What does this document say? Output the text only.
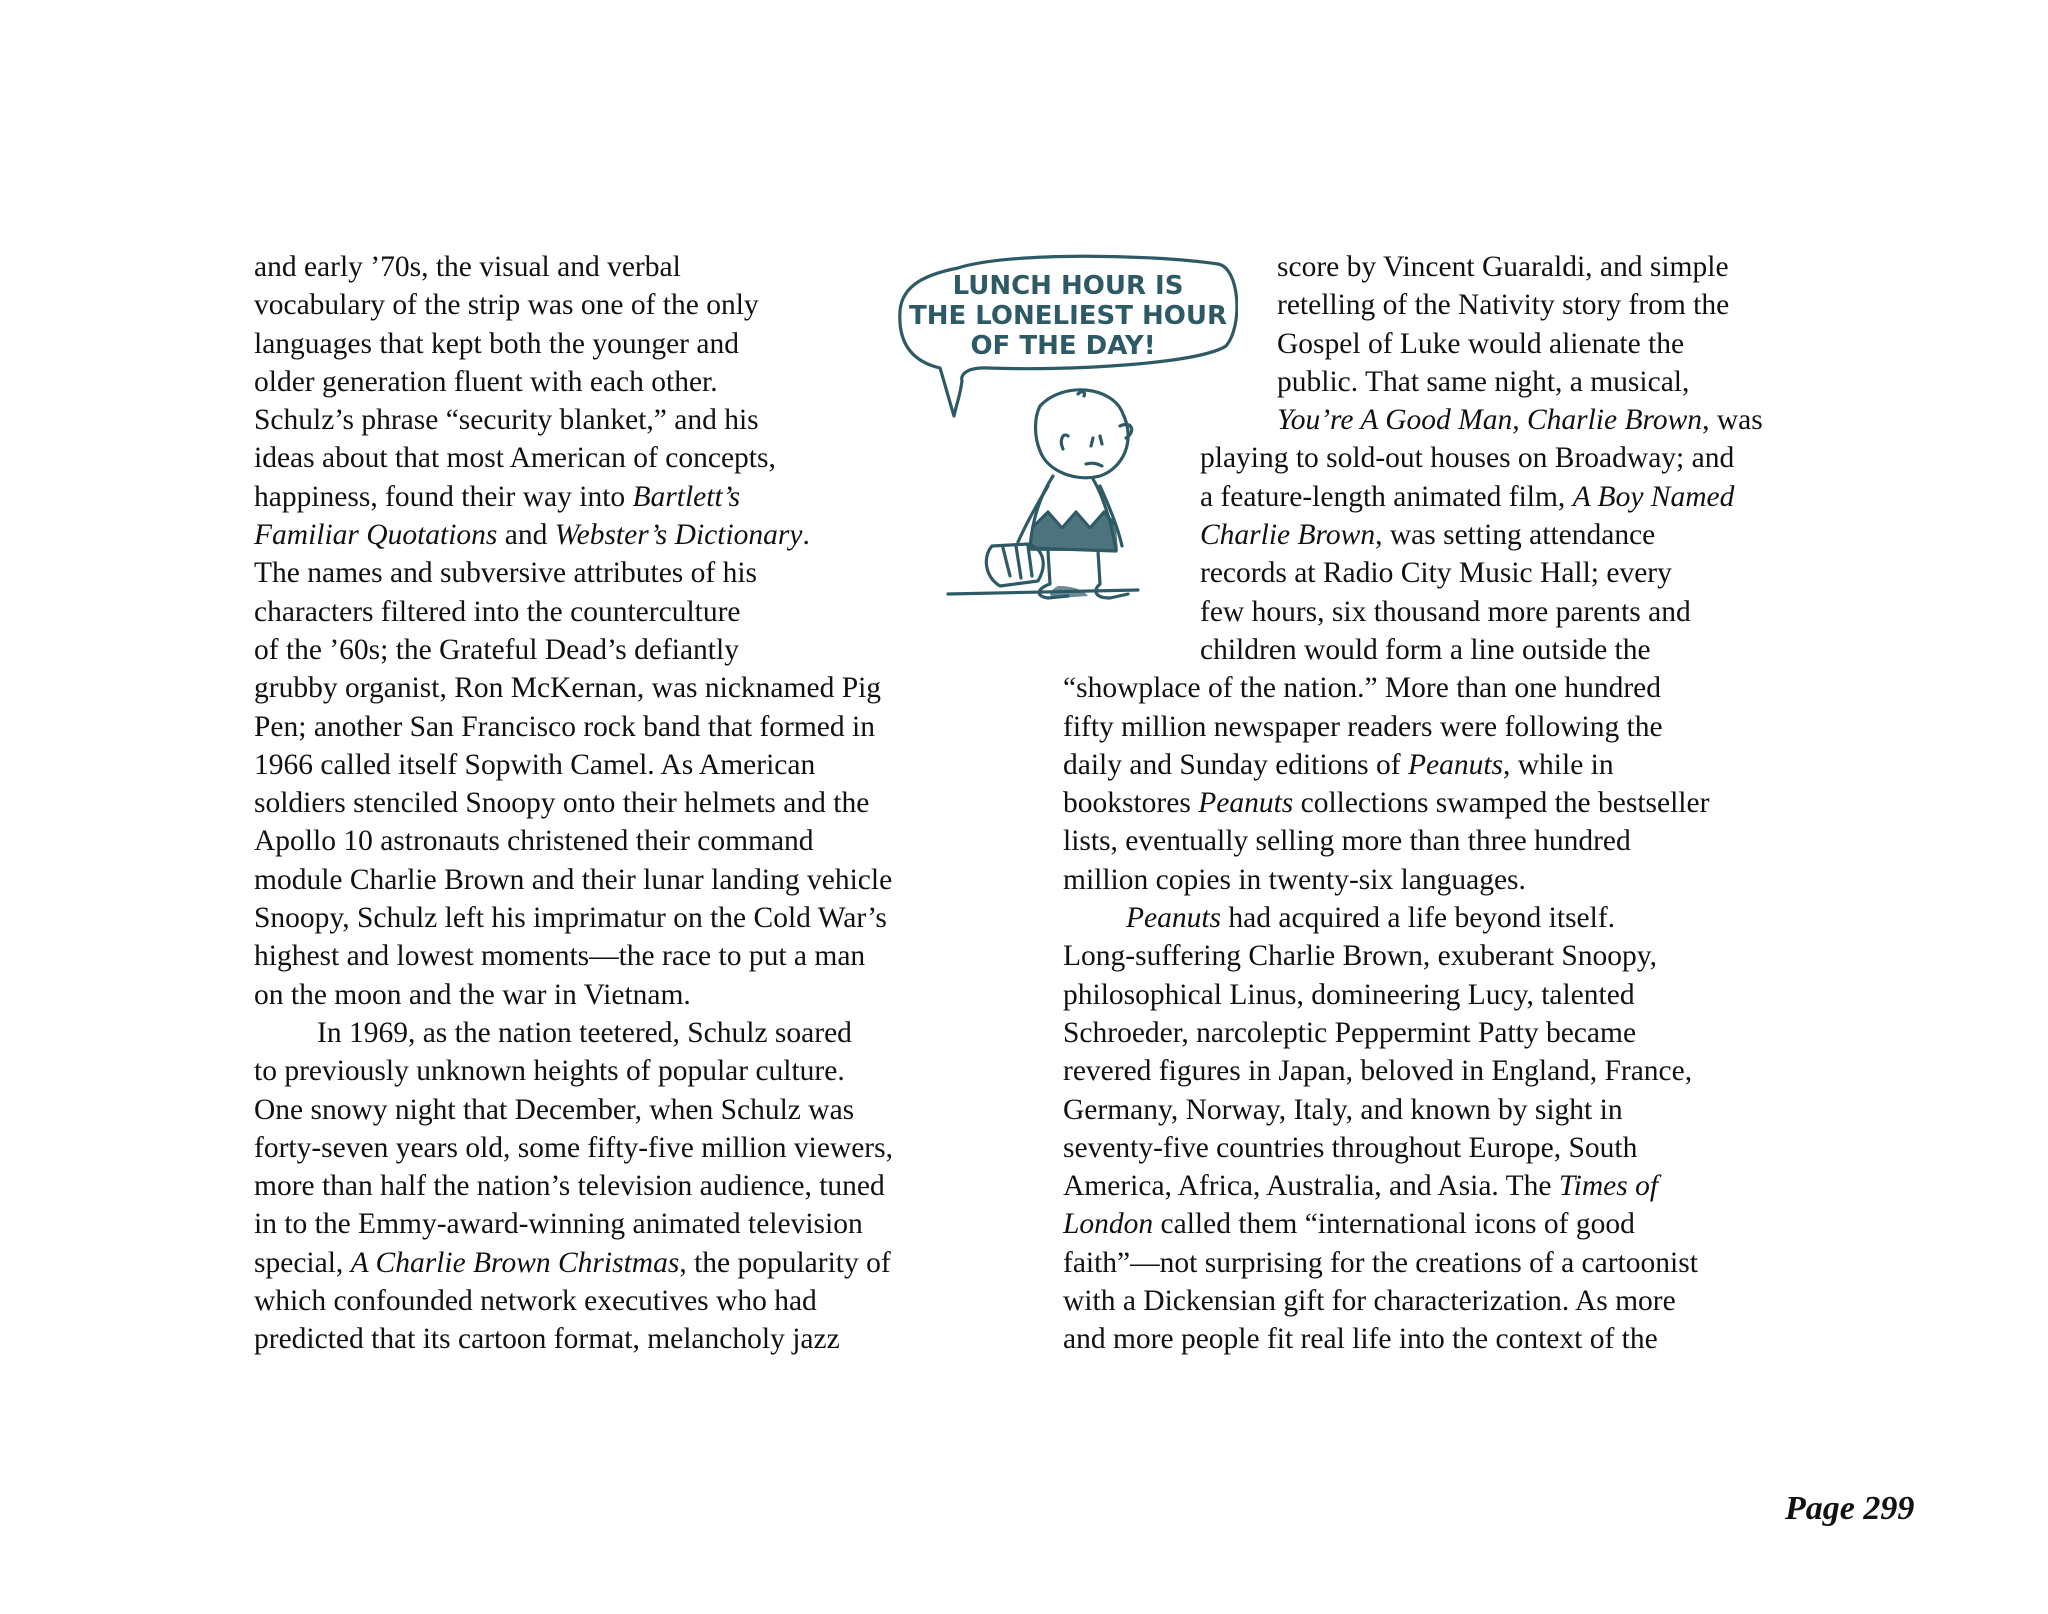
and early ’70s, the visual and verbal
vocabulary of the strip was one of the only
languages that kept both the younger and
older generation fluent with each other.
Schulz’s phrase “security blanket,” and his
ideas about that most American of concepts,
happiness, found their way into Bartlett’s
Familiar Quotations and Webster’s Dictionary.
The names and subversive attributes of his
characters filtered into the counterculture
of the ’60s; the Grateful Dead’s defiantly
grubby organist, Ron McKernan, was nicknamed Pig
Pen; another San Francisco rock band that formed in
1966 called itself Sopwith Camel. As American
soldiers stenciled Snoopy onto their helmets and the
Apollo 10 astronauts christened their command
module Charlie Brown and their lunar landing vehicle
Snoopy, Schulz left his imprimatur on the Cold War’s
highest and lowest moments—the race to put a man
on the moon and the war in Vietnam.
In 1969, as the nation teetered, Schulz soared
to previously unknown heights of popular culture.
One snowy night that December, when Schulz was
forty-seven years old, some fifty-five million viewers,
more than half the nation’s television audience, tuned
in to the Emmy-award-winning animated television
special, A Charlie Brown Christmas, the popularity of
which confounded network executives who had
predicted that its cartoon format, melancholy jazz
score by Vincent Guaraldi, and simple
retelling of the Nativity story from the
Gospel of Luke would alienate the
public. That same night, a musical,
You’re A Good Man, Charlie Brown, was
playing to sold-out houses on Broadway; and
a feature-length animated film, A Boy Named
Charlie Brown, was setting attendance
records at Radio City Music Hall; every
few hours, six thousand more parents and
children would form a line outside the
“showplace of the nation.” More than one hundred
fifty million newspaper readers were following the
daily and Sunday editions of Peanuts, while in
bookstores Peanuts collections swamped the bestseller
lists, eventually selling more than three hundred
million copies in twenty-six languages.
Peanuts had acquired a life beyond itself.
Long-suffering Charlie Brown, exuberant Snoopy,
philosophical Linus, domineering Lucy, talented
Schroeder, narcoleptic Peppermint Patty became
revered figures in Japan, beloved in England, France,
Germany, Norway, Italy, and known by sight in
seventy-five countries throughout Europe, South
America, Africa, Australia, and Asia. The Times of
London called them “international icons of good
faith”—not surprising for the creations of a cartoonist
with a Dickensian gift for characterization. As more
and more people fit real life into the context of the
LUNCH HOUR IS
THE LONELIEST HOUR
OF THE DAY!
Page 299
